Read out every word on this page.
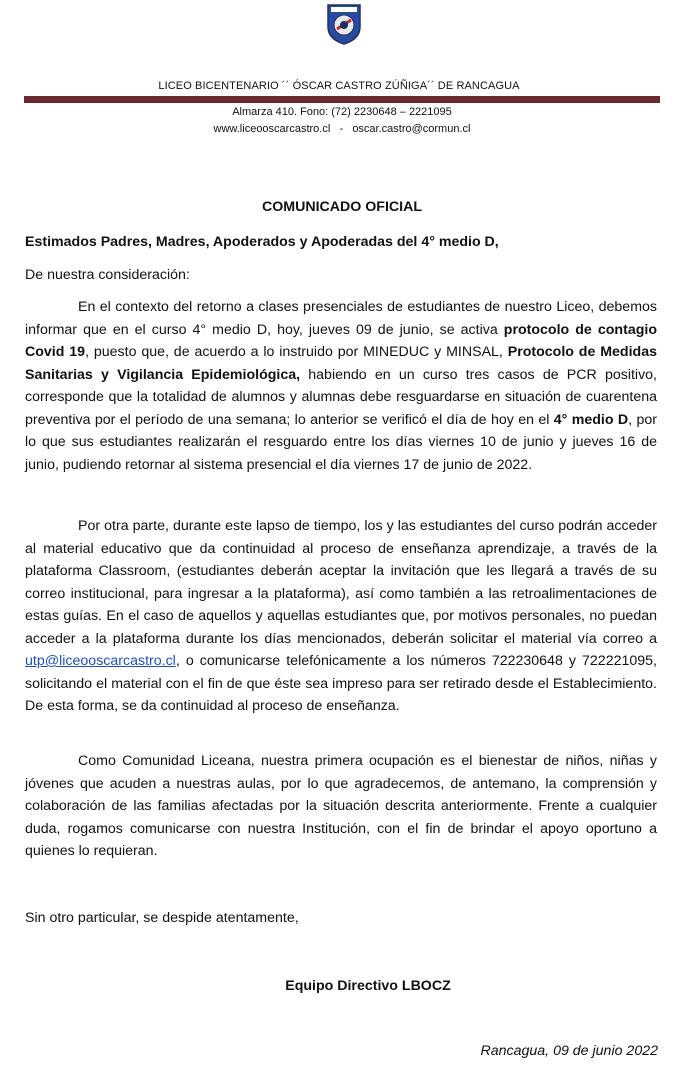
LICEO BICENTENARIO ´´ ÓSCAR CASTRO ZÚÑIGA´´ DE RANCAGUA
Almarza 410. Fono: (72) 2230648 – 2221095
www.liceooscarcastro.cl - oscar.castro@cormun.cl
COMUNICADO OFICIAL
Estimados Padres, Madres, Apoderados y Apoderadas del 4° medio D,
De nuestra consideración:

En el contexto del retorno a clases presenciales de estudiantes de nuestro Liceo, debemos informar que en el curso 4° medio D, hoy, jueves 09 de junio, se activa protocolo de contagio Covid 19, puesto que, de acuerdo a lo instruido por MINEDUC y MINSAL, Protocolo de Medidas Sanitarias y Vigilancia Epidemiológica, habiendo en un curso tres casos de PCR positivo, corresponde que la totalidad de alumnos y alumnas debe resguardarse en situación de cuarentena preventiva por el período de una semana; lo anterior se verificó el día de hoy en el 4° medio D, por lo que sus estudiantes realizarán el resguardo entre los días viernes 10 de junio y jueves 16 de junio, pudiendo retornar al sistema presencial el día viernes 17 de junio de 2022.

Por otra parte, durante este lapso de tiempo, los y las estudiantes del curso podrán acceder al material educativo que da continuidad al proceso de enseñanza aprendizaje, a través de la plataforma Classroom, (estudiantes deberán aceptar la invitación que les llegará a través de su correo institucional, para ingresar a la plataforma), así como también a las retroalimentaciones de estas guías. En el caso de aquellos y aquellas estudiantes que, por motivos personales, no puedan acceder a la plataforma durante los días mencionados, deberán solicitar el material vía correo a utp@liceooscarcastro.cl, o comunicarse telefónicamente a los números 722230648 y 722221095, solicitando el material con el fin de que éste sea impreso para ser retirado desde el Establecimiento. De esta forma, se da continuidad al proceso de enseñanza.

Como Comunidad Liceana, nuestra primera ocupación es el bienestar de niños, niñas y jóvenes que acuden a nuestras aulas, por lo que agradecemos, de antemano, la comprensión y colaboración de las familias afectadas por la situación descrita anteriormente. Frente a cualquier duda, rogamos comunicarse con nuestra Institución, con el fin de brindar el apoyo oportuno a quienes lo requieran.

Sin otro particular, se despide atentamente,
Equipo Directivo LBOCZ
Rancagua, 09 de junio 2022
